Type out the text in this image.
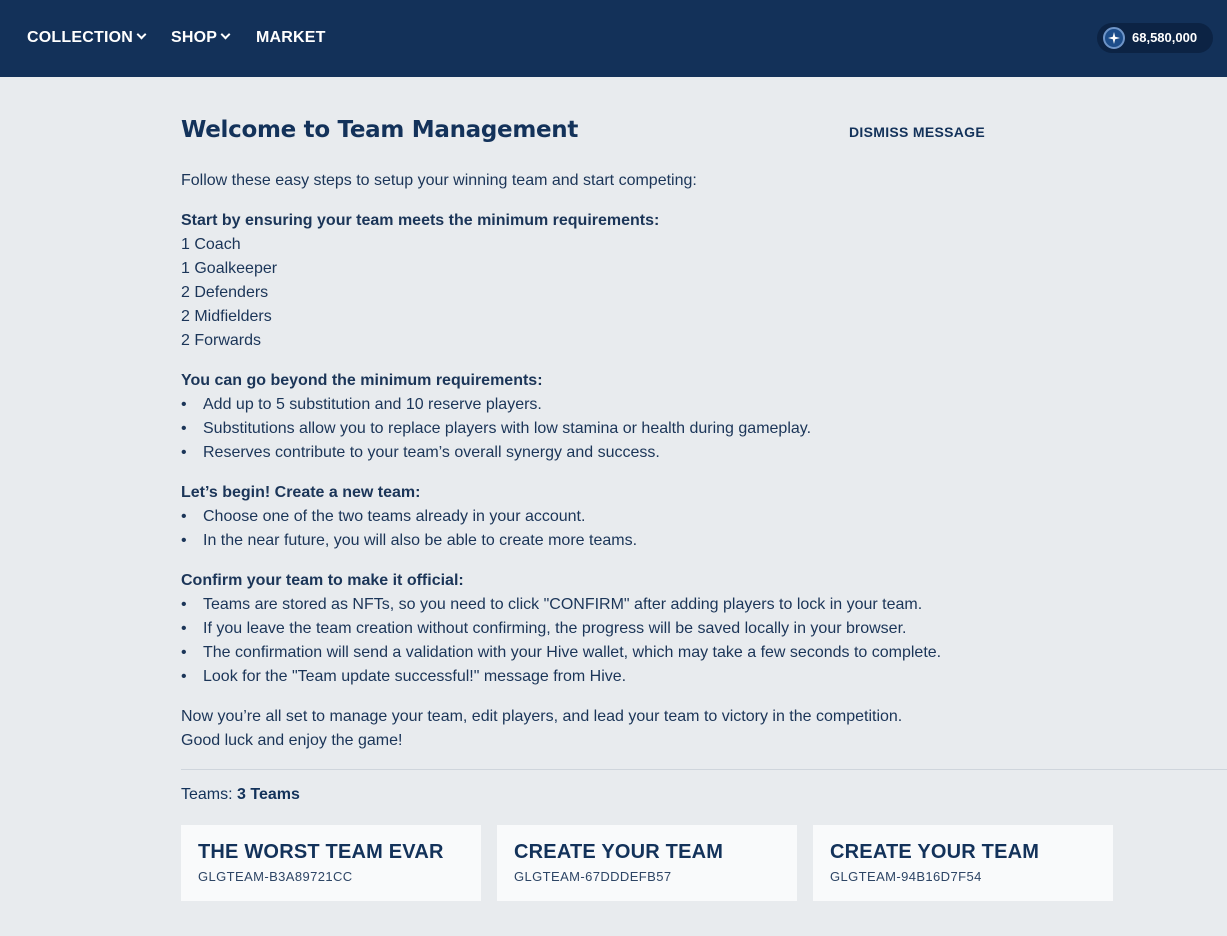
COLLECTION	SHOP	MARKET	68,580,000
Welcome to Team Management	DISMISS MESSAGE
Follow these easy steps to setup your winning team and start competing:
Start by ensuring your team meets the minimum requirements:
1 Coach
1 Goalkeeper
2 Defenders
2 Midfielders
2 Forwards
You can go beyond the minimum requirements:
• Add up to 5 substitution and 10 reserve players.
• Substitutions allow you to replace players with low stamina or health during gameplay.
• Reserves contribute to your team’s overall synergy and success.
Let’s begin! Create a new team:
• Choose one of the two teams already in your account.
• In the near future, you will also be able to create more teams.
Confirm your team to make it official:
• Teams are stored as NFTs, so you need to click "CONFIRM" after adding players to lock in your team.
• If you leave the team creation without confirming, the progress will be saved locally in your browser.
• The confirmation will send a validation with your Hive wallet, which may take a few seconds to complete.
• Look for the "Team update successful!" message from Hive.
Now you’re all set to manage your team, edit players, and lead your team to victory in the competition.
Good luck and enjoy the game!
Teams: 3 Teams
THE WORST TEAM EVAR
GLGTEAM-B3A89721CC
CREATE YOUR TEAM
GLGTEAM-67DDDEFB57
CREATE YOUR TEAM
GLGTEAM-94B16D7F54
